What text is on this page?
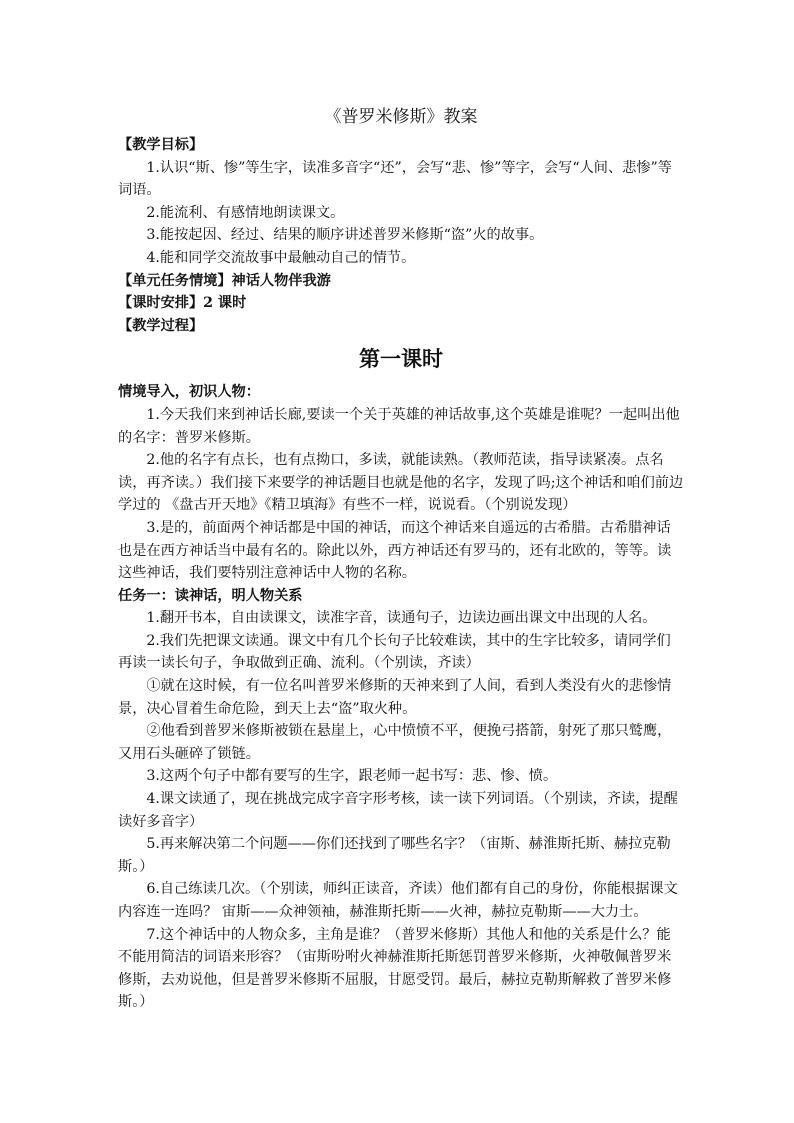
《普罗米修斯》教案
【教学目标】

1.认识“斯、惨”等生字，读准多音字“还”，会写“悲、惨”等字，会写“人间、悲惨”等词语。

2.能流利、有感情地朗读课文。

3.能按起因、经过、结果的顺序讲述普罗米修斯“盗”火的故事。

4.能和同学交流故事中最触动自己的情节。

【单元任务情境】神话人物伴我游
【课时安排】2 课时
【教学过程】
第一课时
情境导入，初识人物：

1.今天我们来到神话长廊,要读一个关于英雄的神话故事,这个英雄是谁呢？一起叫出他的名字：普罗米修斯。

2.他的名字有点长，也有点拗口，多读，就能读熟。（教师范读，指导读紧凑。点名读，再齐读。）我们接下来要学的神话题目也就是他的名字，发现了吗;这个神话和咱们前边学过的 《盘古开天地》《精卫填海》有些不一样，说说看。（个别说发现）

3.是的，前面两个神话都是中国的神话，而这个神话来自遥远的古希腊。古希腊神话也是在西方神话当中最有名的。除此以外，西方神话还有罗马的，还有北欧的，等等。读这些神话，我们要特别注意神话中人物的名称。

任务一：读神话，明人物关系

1.翻开书本，自由读课文，读准字音，读通句子，边读边画出课文中出现的人名。

2.我们先把课文读通。课文中有几个长句子比较难读，其中的生字比较多，请同学们再读一读长句子，争取做到正确、流利。（个别读，齐读）

①就在这时候，有一位名叫普罗米修斯的天神来到了人间，看到人类没有火的悲惨情景，决心冒着生命危险，到天上去“盗”取火种。

②他看到普罗米修斯被锁在悬崖上，心中愤愤不平，便挽弓搭箭，射死了那只鹫鹰，又用石头砸碎了锁链。

3.这两个句子中都有要写的生字，跟老师一起书写：悲、惨、愤。

4.课文读通了，现在挑战完成字音字形考核，读一读下列词语。（个别读，齐读，提醒读好多音字）

5.再来解决第二个问题——你们还找到了哪些名字？（宙斯、赫淮斯托斯、赫拉克勒斯。）

6.自己练读几次。（个别读，师纠正读音，齐读）他们都有自己的身份，你能根据课文内容连一连吗？ 宙斯——众神领袖，赫淮斯托斯——火神，赫拉克勒斯——大力士。

7.这个神话中的人物众多，主角是谁？（普罗米修斯）其他人和他的关系是什么？能不能用简洁的词语来形容？（宙斯吩咐火神赫淮斯托斯惩罚普罗米修斯，火神敬佩普罗米修斯，去劝说他，但是普罗米修斯不屈服，甘愿受罚。最后，赫拉克勒斯解救了普罗米修斯。）
